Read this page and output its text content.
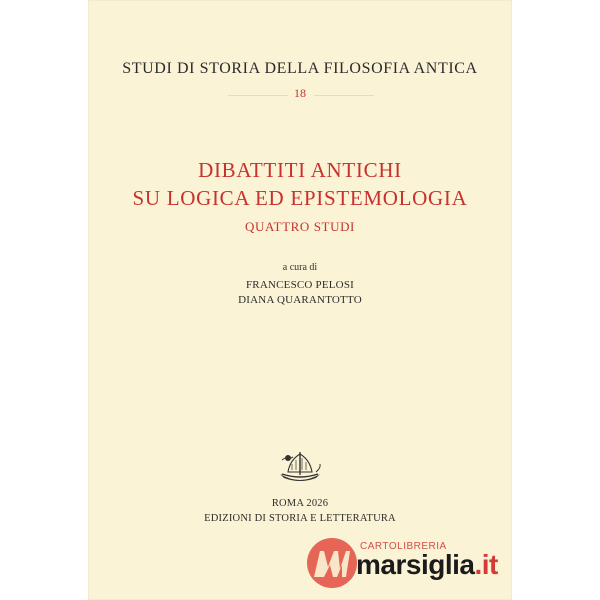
STUDI DI STORIA DELLA FILOSOFIA ANTICA
18
DIBATTITI ANTICHI
SU LOGICA ED EPISTEMOLOGIA
QUATTRO STUDI
a cura di
FRANCESCO PELOSI
DIANA QUARANTOTTO
ROMA 2026
EDIZIONI DI STORIA E LETTERATURA
CARTOLIBRERIA
marsiglia.it
